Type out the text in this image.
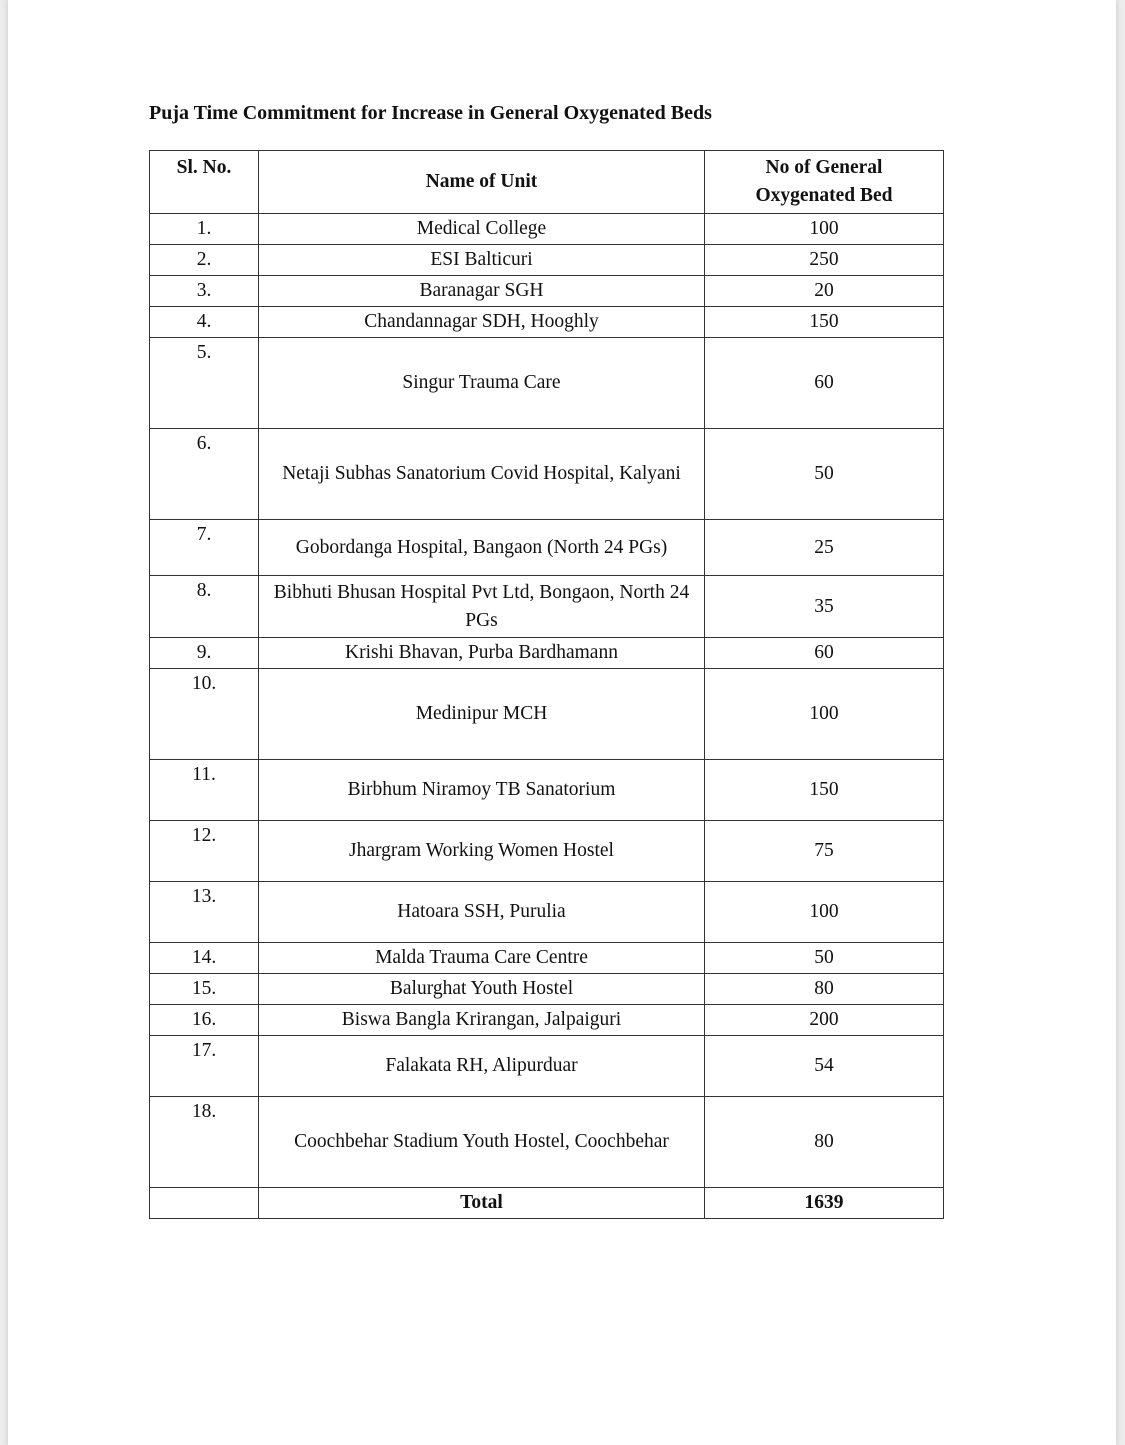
Puja Time Commitment for Increase in General Oxygenated Beds
Sl. No.	Name of Unit	No of General
Oxygenated Bed
1.	Medical College	100
2.	ESI Balticuri	250
3.	Baranagar SGH	20
4.	Chandannagar SDH, Hooghly	150
5.	Singur Trauma Care	60
6.	Netaji Subhas Sanatorium Covid Hospital, Kalyani	50
7.	Gobordanga Hospital, Bangaon (North 24 PGs)	25
8.	Bibhuti Bhusan Hospital Pvt Ltd, Bongaon, North 24 PGs	35
9.	Krishi Bhavan, Purba Bardhamann	60
10.	Medinipur MCH	100
11.	Birbhum Niramoy TB Sanatorium	150
12.	Jhargram Working Women Hostel	75
13.	Hatoara SSH, Purulia	100
14.	Malda Trauma Care Centre	50
15.	Balurghat Youth Hostel	80
16.	Biswa Bangla Krirangan, Jalpaiguri	200
17.	Falakata RH, Alipurduar	54
18.	Coochbehar Stadium Youth Hostel, Coochbehar	80
	Total	1639
